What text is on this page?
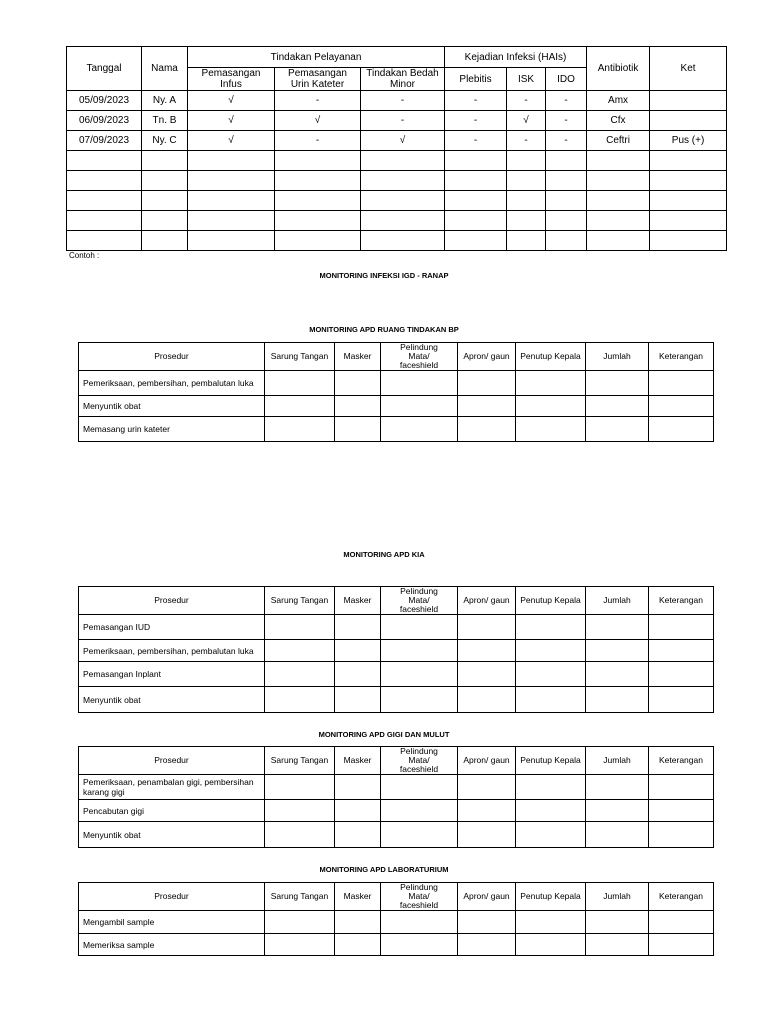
Tanggal	Nama	Tindakan Pelayanan			Kejadian Infeksi (HAIs)			Antibiotik	Ket
		Pemasangan Infus	Pemasangan Urin Kateter	Tindakan Bedah Minor	Plebitis	ISK	IDO		
05/09/2023	Ny. A	√	-	-	-	-	-	Amx	
06/09/2023	Tn. B	√	√	-	-	√	-	Cfx	
07/09/2023	Ny. C	√	-	√	-	-	-	Ceftri	Pus (+)

Contoh :
MONITORING INFEKSI IGD - RANAP
MONITORING APD RUANG TINDAKAN BP
Prosedur	Sarung Tangan	Masker	Pelindung Mata/ faceshield	Apron/ gaun	Penutup Kepala	Jumlah	Keterangan
Pemeriksaan, pembersihan, pembalutan luka							
Menyuntik obat							
Memasang urin kateter							
MONITORING APD KIA
Prosedur	Sarung Tangan	Masker	Pelindung Mata/ faceshield	Apron/ gaun	Penutup Kepala	Jumlah	Keterangan
Pemasangan IUD							
Pemeriksaan, pembersihan, pembalutan luka							
Pemasangan Inplant							
Menyuntik obat							
MONITORING APD GIGI DAN MULUT
Prosedur	Sarung Tangan	Masker	Pelindung Mata/ faceshield	Apron/ gaun	Penutup Kepala	Jumlah	Keterangan
Pemeriksaan, penambalan gigi, pembersihan karang gigi							
Pencabutan gigi							
Menyuntik obat							
MONITORING APD LABORATURIUM
Prosedur	Sarung Tangan	Masker	Pelindung Mata/ faceshield	Apron/ gaun	Penutup Kepala	Jumlah	Keterangan
Mengambil sample							
Memeriksa sample							
